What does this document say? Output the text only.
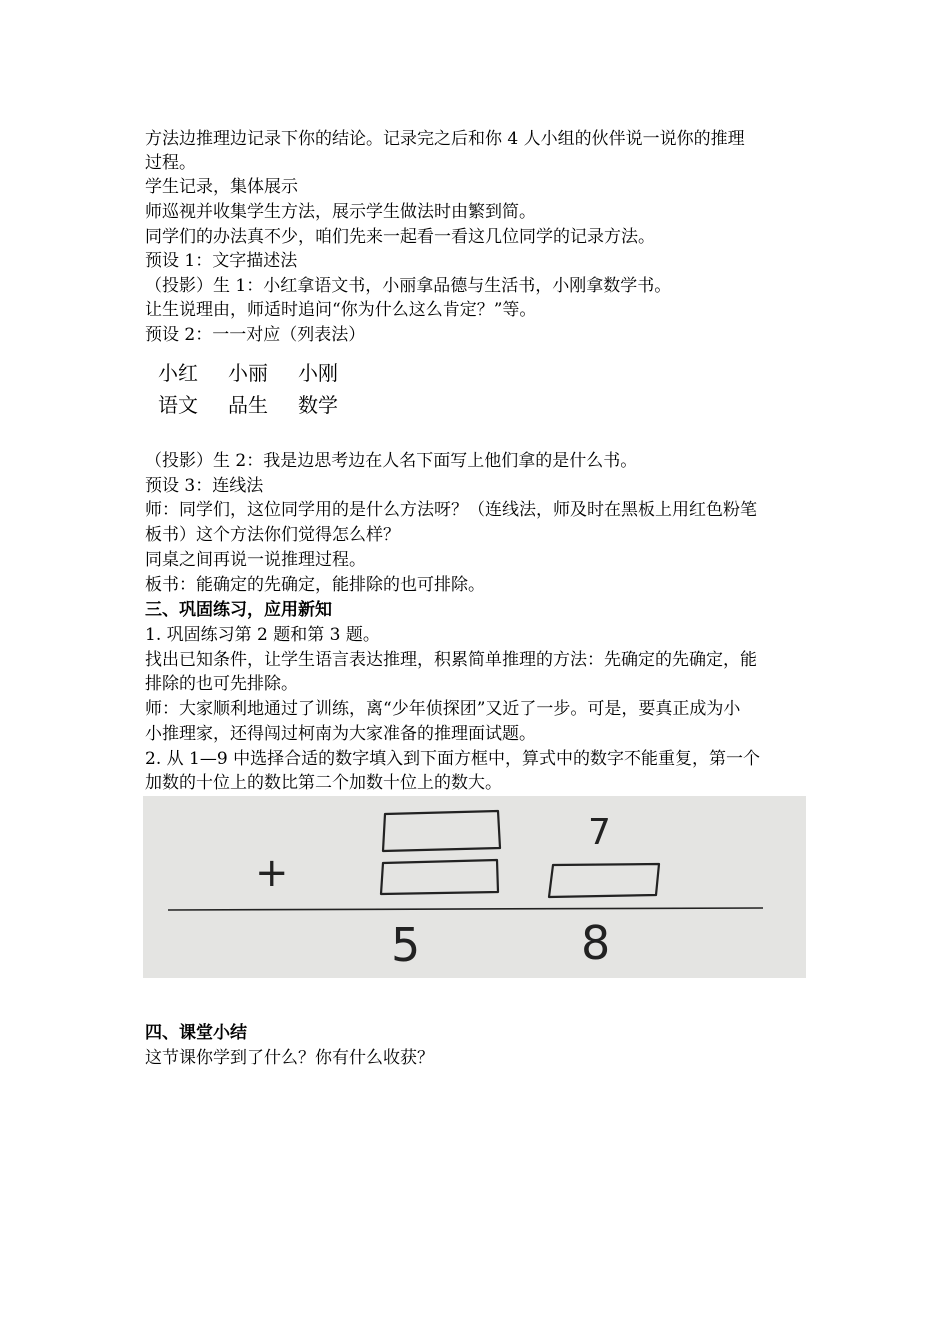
方法边推理边记录下你的结论。记录完之后和你 4 人小组的伙伴说一说你的推理
过程。
学生记录，集体展示
师巡视并收集学生方法，展示学生做法时由繁到简。
同学们的办法真不少，咱们先来一起看一看这几位同学的记录方法。
预设 1：文字描述法
（投影）生 1：小红拿语文书，小丽拿品德与生活书，小刚拿数学书。
让生说理由，师适时追问“你为什么这么肯定？”等。
预设 2：一一对应（列表法）
小红 小丽 小刚
语文 品生 数学
（投影）生 2：我是边思考边在人名下面写上他们拿的是什么书。
预设 3：连线法
师：同学们，这位同学用的是什么方法呀？（连线法，师及时在黑板上用红色粉笔
板书）这个方法你们觉得怎么样？
同桌之间再说一说推理过程。
板书：能确定的先确定，能排除的也可排除。
三、巩固练习，应用新知
1. 巩固练习第 2 题和第 3 题。
找出已知条件，让学生语言表达推理，积累简单推理的方法：先确定的先确定，能
排除的也可先排除。
师：大家顺利地通过了训练，离“少年侦探团”又近了一步。可是，要真正成为小
小推理家，还得闯过柯南为大家准备的推理面试题。
2. 从 1—9 中选择合适的数字填入到下面方框中，算式中的数字不能重复，第一个
加数的十位上的数比第二个加数十位上的数大。
7
+
5	8
四、课堂小结
这节课你学到了什么？你有什么收获？
